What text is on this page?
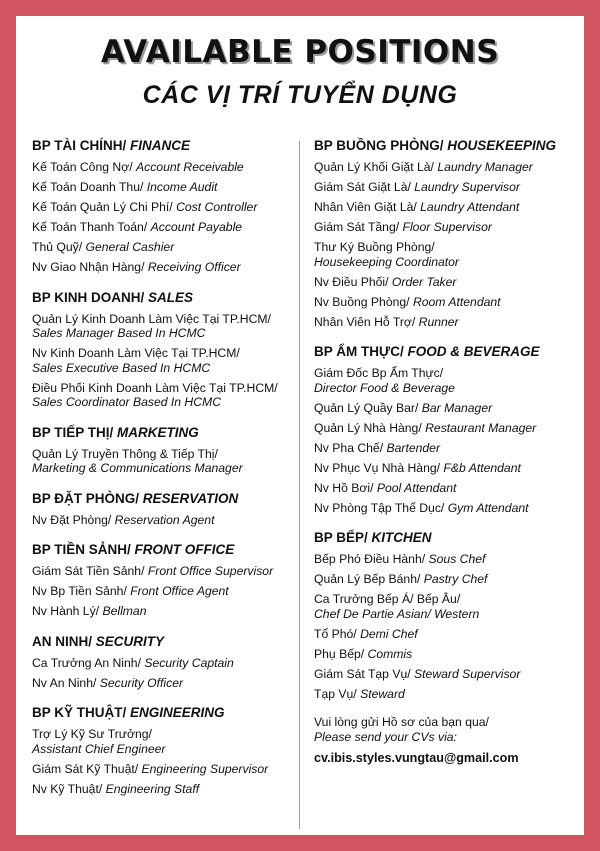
AVAILABLE POSITIONS
CÁC VỊ TRÍ TUYỂN DỤNG
BP TÀI CHÍNH/ FINANCE
Kế Toán Công Nợ/ Account Receivable
Kế Toán Doanh Thu/ Income Audit
Kế Toán Quản Lý Chi Phí/ Cost Controller
Kế Toán Thanh Toán/ Account Payable
Thủ Quỹ/ General Cashier
Nv Giao Nhận Hàng/ Receiving Officer
BP KINH DOANH/ SALES
Quản Lý Kinh Doanh Làm Việc Tại TP.HCM/
Sales Manager Based In HCMC
Nv Kinh Doanh Làm Việc Tại TP.HCM/
Sales Executive Based In HCMC
Điều Phối Kinh Doanh Làm Việc Tại TP.HCM/
Sales Coordinator Based In HCMC
BP TIẾP THỊ/ MARKETING
Quản Lý Truyền Thông & Tiếp Thị/
Marketing & Communications Manager
BP ĐẶT PHÒNG/ RESERVATION
Nv Đặt Phòng/ Reservation Agent
BP TIỀN SẢNH/ FRONT OFFICE
Giám Sát Tiền Sảnh/ Front Office Supervisor
Nv Bp Tiền Sảnh/ Front Office Agent
Nv Hành Lý/ Bellman
AN NINH/ SECURITY
Ca Trưởng An Ninh/ Security Captain
Nv An Ninh/ Security Officer
BP KỸ THUẬT/ ENGINEERING
Trợ Lý Kỹ Sư Trưởng/
Assistant Chief Engineer
Giám Sát Kỹ Thuật/ Engineering Supervisor
Nv Kỹ Thuật/ Engineering Staff
BP BUỒNG PHÒNG/ HOUSEKEEPING
Quản Lý Khối Giặt Là/ Laundry Manager
Giám Sát Giặt Là/ Laundry Supervisor
Nhân Viên Giặt Là/ Laundry Attendant
Giám Sát Tầng/ Floor Supervisor
Thư Ký Buồng Phòng/
Housekeeping Coordinator
Nv Điều Phối/ Order Taker
Nv Buồng Phòng/ Room Attendant
Nhân Viên Hỗ Trợ/ Runner
BP ẨM THỰC/ FOOD & BEVERAGE
Giám Đốc Bp Ẩm Thực/
Director Food & Beverage
Quản Lý Quầy Bar/ Bar Manager
Quản Lý Nhà Hàng/ Restaurant Manager
Nv Pha Chế/ Bartender
Nv Phục Vụ Nhà Hàng/ F&b Attendant
Nv Hồ Bơi/ Pool Attendant
Nv Phòng Tập Thể Dục/ Gym Attendant
BP BẾP/ KITCHEN
Bếp Phó Điều Hành/ Sous Chef
Quản Lý Bếp Bánh/ Pastry Chef
Ca Trưởng Bếp Á/ Bếp Âu/
Chef De Partie Asian/ Western
Tổ Phó/ Demi Chef
Phụ Bếp/ Commis
Giám Sát Tạp Vụ/ Steward Supervisor
Tạp Vụ/ Steward
Vui lòng gửi Hồ sơ của bạn qua/
Please send your CVs via:
cv.ibis.styles.vungtau@gmail.com
